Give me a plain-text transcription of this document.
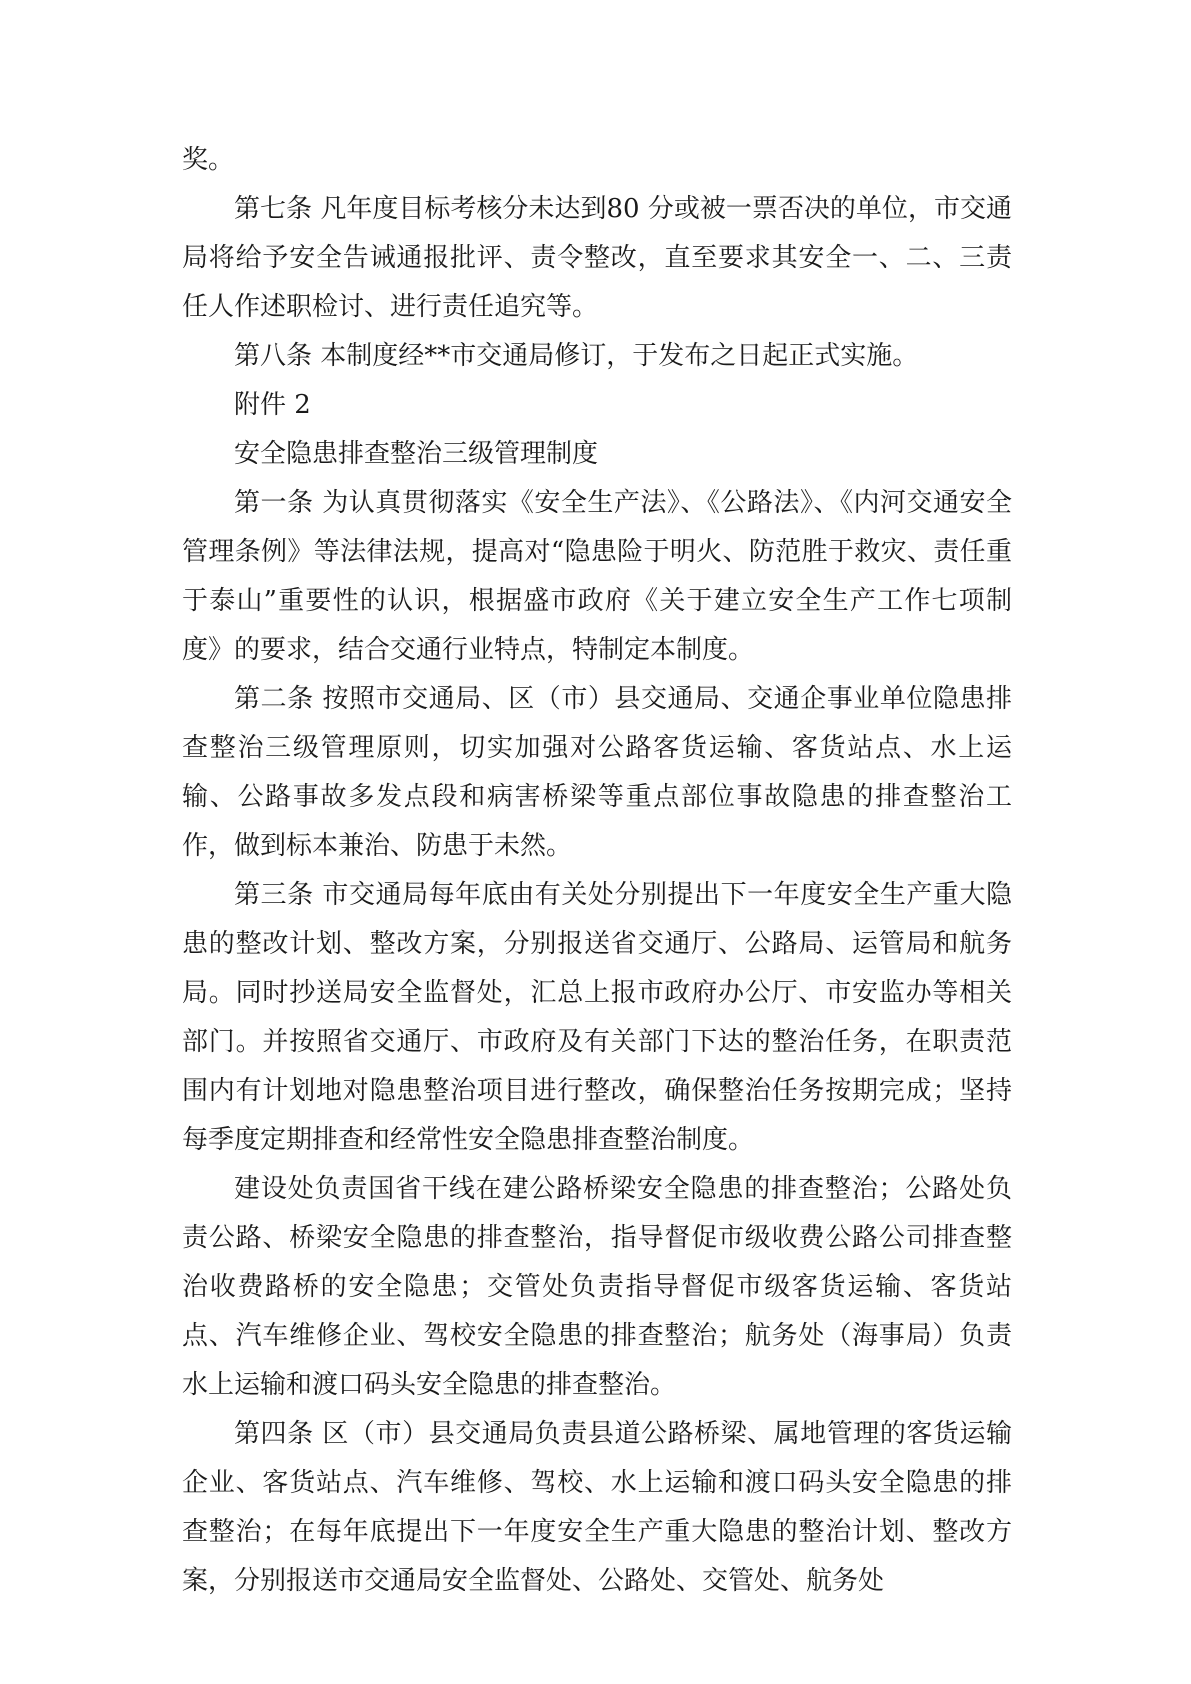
奖。

第七条 凡年度目标考核分未达到80 分或被一票否决的单位，市交通局将给予安全告诫通报批评、责令整改，直至要求其安全一、二、三责任人作述职检讨、进行责任追究等。

第八条 本制度经**市交通局修订，于发布之日起正式实施。

附件 2

安全隐患排查整治三级管理制度

第一条 为认真贯彻落实《安全生产法》、《公路法》、《内河交通安全管理条例》等法律法规，提高对“隐患险于明火、防范胜于救灾、责任重于泰山”重要性的认识，根据盛市政府《关于建立安全生产工作七项制度》的要求，结合交通行业特点，特制定本制度。

第二条 按照市交通局、区（市）县交通局、交通企事业单位隐患排查整治三级管理原则，切实加强对公路客货运输、客货站点、水上运输、公路事故多发点段和病害桥梁等重点部位事故隐患的排查整治工作，做到标本兼治、防患于未然。

第三条 市交通局每年底由有关处分别提出下一年度安全生产重大隐患的整改计划、整改方案，分别报送省交通厅、公路局、运管局和航务局。同时抄送局安全监督处，汇总上报市政府办公厅、市安监办等相关部门。并按照省交通厅、市政府及有关部门下达的整治任务，在职责范围内有计划地对隐患整治项目进行整改，确保整治任务按期完成；坚持每季度定期排查和经常性安全隐患排查整治制度。

建设处负责国省干线在建公路桥梁安全隐患的排查整治；公路处负责公路、桥梁安全隐患的排查整治，指导督促市级收费公路公司排查整治收费路桥的安全隐患；交管处负责指导督促市级客货运输、客货站点、汽车维修企业、驾校安全隐患的排查整治；航务处（海事局）负责水上运输和渡口码头安全隐患的排查整治。

第四条 区（市）县交通局负责县道公路桥梁、属地管理的客货运输企业、客货站点、汽车维修、驾校、水上运输和渡口码头安全隐患的排查整治；在每年底提出下一年度安全生产重大隐患的整治计划、整改方案，分别报送市交通局安全监督处、公路处、交管处、航务处
